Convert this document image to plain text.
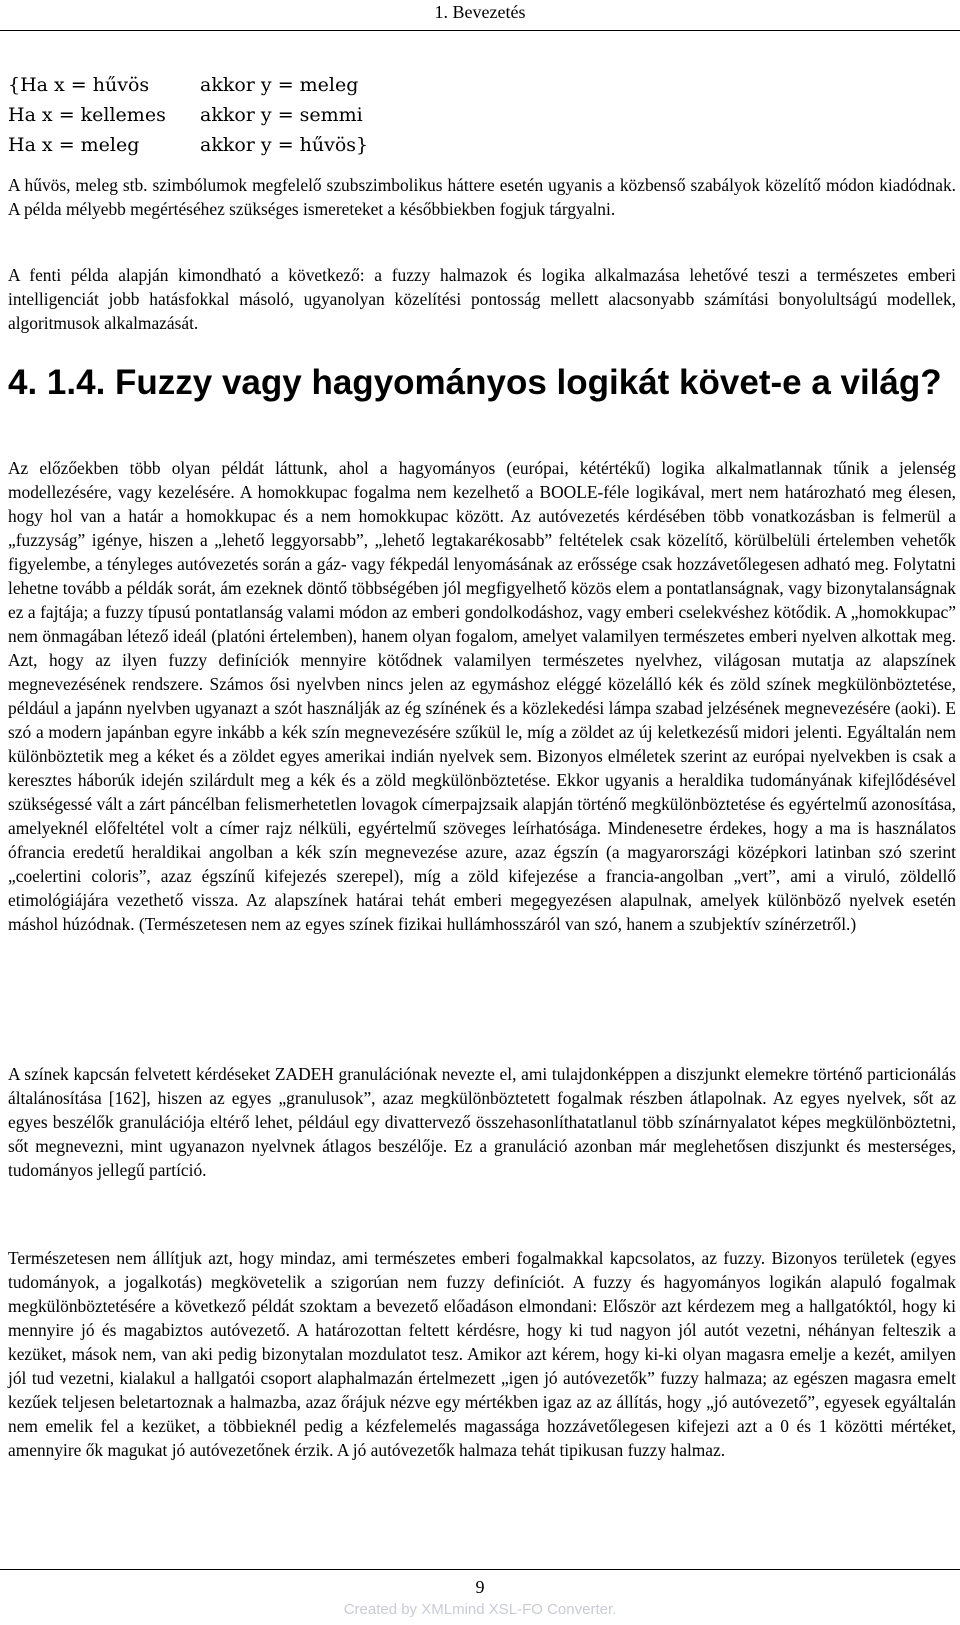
1. Bevezetés
{Ha x = hűvös	akkor y = meleg
Ha x = kellemes akkor y = semmi
Ha x = meleg	akkor y = hűvös}

A hűvös, meleg stb. szimbólumok megfelelő szubszimbolikus háttere esetén ugyanis a közbenső szabályok közelítő módon kiadódnak. A példa mélyebb megértéséhez szükséges ismereteket a későbbiekben fogjuk tárgyalni.

A fenti példa alapján kimondható a következő: a fuzzy halmazok és logika alkalmazása lehetővé teszi a természetes emberi intelligenciát jobb hatásfokkal másoló, ugyanolyan közelítési pontosság mellett alacsonyabb számítási bonyolultságú modellek, algoritmusok alkalmazását.

4. 1.4. Fuzzy vagy hagyományos logikát követ-e a világ?

Az előzőekben több olyan példát láttunk, ahol a hagyományos (európai, kétértékű) logika alkalmatlannak tűnik a jelenség modellezésére, vagy kezelésére. A homokkupac fogalma nem kezelhető a BOOLE-féle logikával, mert nem határozható meg élesen, hogy hol van a határ a homokkupac és a nem homokkupac között. Az autóvezetés kérdésében több vonatkozásban is felmerül a „fuzzyság” igénye, hiszen a „lehető leggyorsabb”, „lehető legtakarékosabb” feltételek csak közelítő, körülbelüli értelemben vehetők figyelembe, a tényleges autóvezetés során a gáz- vagy fékpedál lenyomásának az erőssége csak hozzávetőlegesen adható meg. Folytatni lehetne tovább a példák sorát, ám ezeknek döntő többségében jól megfigyelhető közös elem a pontatlanságnak, vagy bizonytalanságnak ez a fajtája; a fuzzy típusú pontatlanság valami módon az emberi gondolkodáshoz, vagy emberi cselekvéshez kötődik. A „homokkupac” nem önmagában létező ideál (platóni értelemben), hanem olyan fogalom, amelyet valamilyen természetes emberi nyelven alkottak meg. Azt, hogy az ilyen fuzzy definíciók mennyire kötődnek valamilyen természetes nyelvhez, világosan mutatja az alapszínek megnevezésének rendszere. Számos ősi nyelvben nincs jelen az egymáshoz eléggé közelálló kék és zöld színek megkülönböztetése, például a japánn nyelvben ugyanazt a szót használják az ég színének és a közlekedési lámpa szabad jelzésének megnevezésére (aoki). E szó a modern japánban egyre inkább a kék szín megnevezésére szűkül le, míg a zöldet az új keletkezésű midori jelenti. Egyáltalán nem különböztetik meg a kéket és a zöldet egyes amerikai indián nyelvek sem. Bizonyos elméletek szerint az európai nyelvekben is csak a keresztes háborúk idején szilárdult meg a kék és a zöld megkülönböztetése. Ekkor ugyanis a heraldika tudományának kifejlődésével szükségessé vált a zárt páncélban felismerhetetlen lovagok címerpajzsaik alapján történő megkülönböztetése és egyértelmű azonosítása, amelyeknél előfeltétel volt a címer rajz nélküli, egyértelmű szöveges leírhatósága. Mindenesetre érdekes, hogy a ma is használatos ófrancia eredetű heraldikai angolban a kék szín megnevezése azure, azaz égszín (a magyarországi középkori latinban szó szerint „coelertini coloris”, azaz égszínű kifejezés szerepel), míg a zöld kifejezése a francia-angolban „vert”, ami a viruló, zöldellő etimológiájára vezethető vissza. Az alapszínek határai tehát emberi megegyezésen alapulnak, amelyek különböző nyelvek esetén máshol húzódnak. (Természetesen nem az egyes színek fizikai hullámhosszáról van szó, hanem a szubjektív színérzetről.)

A színek kapcsán felvetett kérdéseket ZADEH granulációnak nevezte el, ami tulajdonképpen a diszjunkt elemekre történő particionálás általánosítása [162], hiszen az egyes „granulusok”, azaz megkülönböztetett fogalmak részben átlapolnak. Az egyes nyelvek, sőt az egyes beszélők granulációja eltérő lehet, például egy divattervező összehasonlíthatatlanul több színárnyalatot képes megkülönböztetni, sőt megnevezni, mint ugyanazon nyelvnek átlagos beszélője. Ez a granuláció azonban már meglehetősen diszjunkt és mesterséges, tudományos jellegű partíció.

Természetesen nem állítjuk azt, hogy mindaz, ami természetes emberi fogalmakkal kapcsolatos, az fuzzy. Bizonyos területek (egyes tudományok, a jogalkotás) megkövetelik a szigorúan nem fuzzy definíciót. A fuzzy és hagyományos logikán alapuló fogalmak megkülönböztetésére a következő példát szoktam a bevezető előadáson elmondani: Először azt kérdezem meg a hallgatóktól, hogy ki mennyire jó és magabiztos autóvezető. A határozottan feltett kérdésre, hogy ki tud nagyon jól autót vezetni, néhányan felteszik a kezüket, mások nem, van aki pedig bizonytalan mozdulatot tesz. Amikor azt kérem, hogy ki-ki olyan magasra emelje a kezét, amilyen jól tud vezetni, kialakul a hallgatói csoport alaphalmazán értelmezett „igen jó autóvezetők” fuzzy halmaza; az egészen magasra emelt kezűek teljesen beletartoznak a halmazba, azaz őrájuk nézve egy mértékben igaz az az állítás, hogy „jó autóvezető”, egyesek egyáltalán nem emelik fel a kezüket, a többieknél pedig a kézfelemelés magassága hozzávetőlegesen kifejezi azt a 0 és 1 közötti mértéket, amennyire ők magukat jó autóvezetőnek érzik. A jó autóvezetők halmaza tehát tipikusan fuzzy halmaz.

9
Created by XMLmind XSL-FO Converter.
